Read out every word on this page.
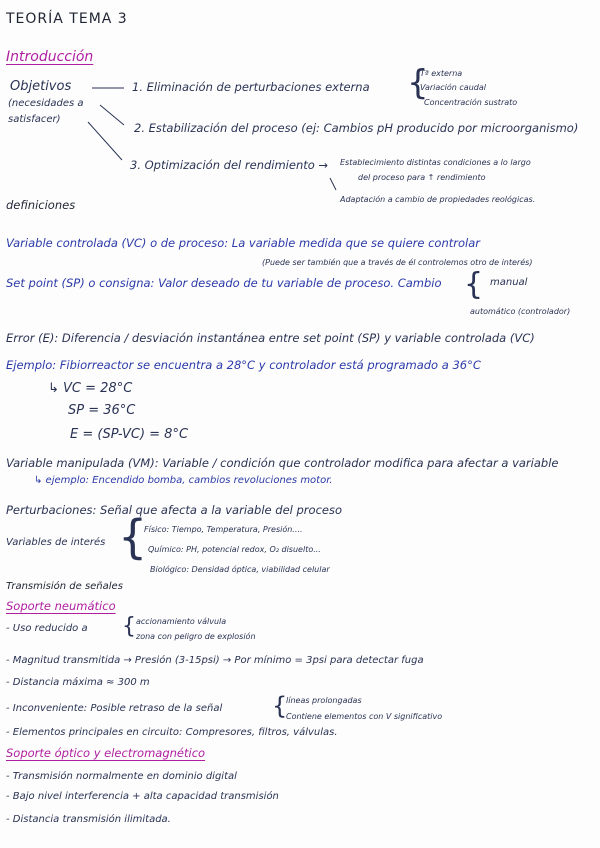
TEORÍA TEMA 3
Introducción
Objetivos
(necesidades a
satisfacer)
1. Eliminación de perturbaciones externa {
Tª externa
Variación caudal
Concentración sustrato
2. Estabilización del proceso (ej: Cambios pH producido por microorganismo)
3. Optimización del rendimiento → Establecimiento distintas condiciones a lo largo
del proceso para ↑ rendimiento
Adaptación a cambio de propiedades reológicas.
definiciones
Variable controlada (VC) o de proceso: La variable medida que se quiere controlar
(Puede ser también que a través de él controlemos otro de interés)
Set point (SP) o consigna: Valor deseado de tu variable de proceso. Cambio { manual
automático (controlador)
Error (E): Diferencia / desviación instantánea entre set point (SP) y variable controlada (VC)
Ejemplo: Fibiorreactor se encuentra a 28°C y controlador está programado a 36°C
↳ VC = 28°C
SP = 36°C
E = (SP-VC) = 8°C
Variable manipulada (VM): Variable / condición que controlador modifica para afectar a variable
↳ ejemplo: Encendido bomba, cambios revoluciones motor.
Perturbaciones: Señal que afecta a la variable del proceso
Variables de interés {
Físico: Tiempo, Temperatura, Presión....
Químico: PH, potencial redox, O₂ disuelto...
Biológico: Densidad óptica, viabilidad celular
Transmisión de señales
Soporte neumático
- Uso reducido a { accionamiento válvula
zona con peligro de explosión
- Magnitud transmitida → Presión (3-15psi) → Por mínimo = 3psi para detectar fuga
- Distancia máxima ≈ 300 m
- Inconveniente: Posible retraso de la señal {
líneas prolongadas
Contiene elementos con V significativo
- Elementos principales en circuito: Compresores, filtros, válvulas.
Soporte óptico y electromagnético
- Transmisión normalmente en dominio digital
- Bajo nivel interferencia + alta capacidad transmisión
- Distancia transmisión ilimitada.
